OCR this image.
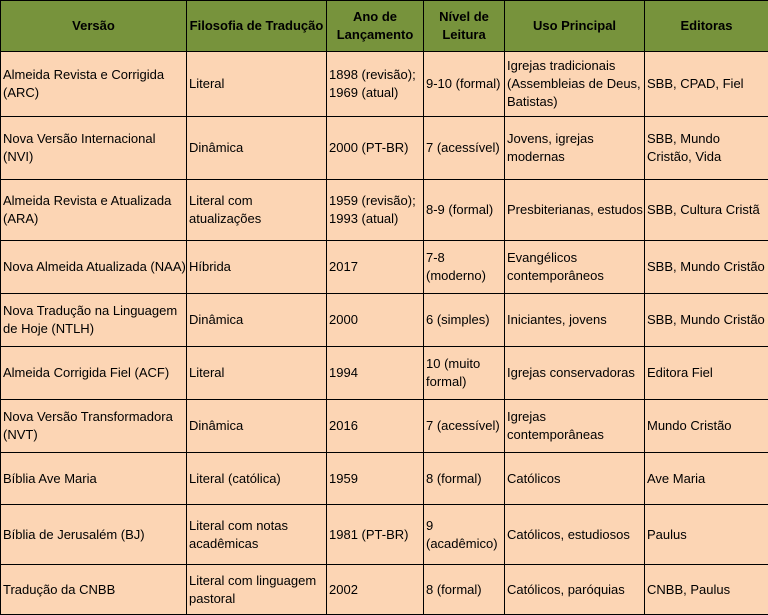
Versão	Filosofia de Tradução	Ano de Lançamento	Nível de Leitura	Uso Principal	Editoras
Almeida Revista e Corrigida (ARC)	Literal	1898 (revisão); 1969 (atual)	9-10 (formal)	Igrejas tradicionais (Assembleias de Deus, Batistas)	SBB, CPAD, Fiel
Nova Versão Internacional (NVI)	Dinâmica	2000 (PT-BR)	7 (acessível)	Jovens, igrejas modernas	SBB, Mundo Cristão, Vida
Almeida Revista e Atualizada (ARA)	Literal com atualizações	1959 (revisão); 1993 (atual)	8-9 (formal)	Presbiterianas, estudos	SBB, Cultura Cristã
Nova Almeida Atualizada (NAA)	Híbrida	2017	7-8 (moderno)	Evangélicos contemporâneos	SBB, Mundo Cristão
Nova Tradução na Linguagem de Hoje (NTLH)	Dinâmica	2000	6 (simples)	Iniciantes, jovens	SBB, Mundo Cristão
Almeida Corrigida Fiel (ACF)	Literal	1994	10 (muito formal)	Igrejas conservadoras	Editora Fiel
Nova Versão Transformadora (NVT)	Dinâmica	2016	7 (acessível)	Igrejas contemporâneas	Mundo Cristão
Bíblia Ave Maria	Literal (católica)	1959	8 (formal)	Católicos	Ave Maria
Bíblia de Jerusalém (BJ)	Literal com notas acadêmicas	1981 (PT-BR)	9 (acadêmico)	Católicos, estudiosos	Paulus
Tradução da CNBB	Literal com linguagem pastoral	2002	8 (formal)	Católicos, paróquias	CNBB, Paulus
